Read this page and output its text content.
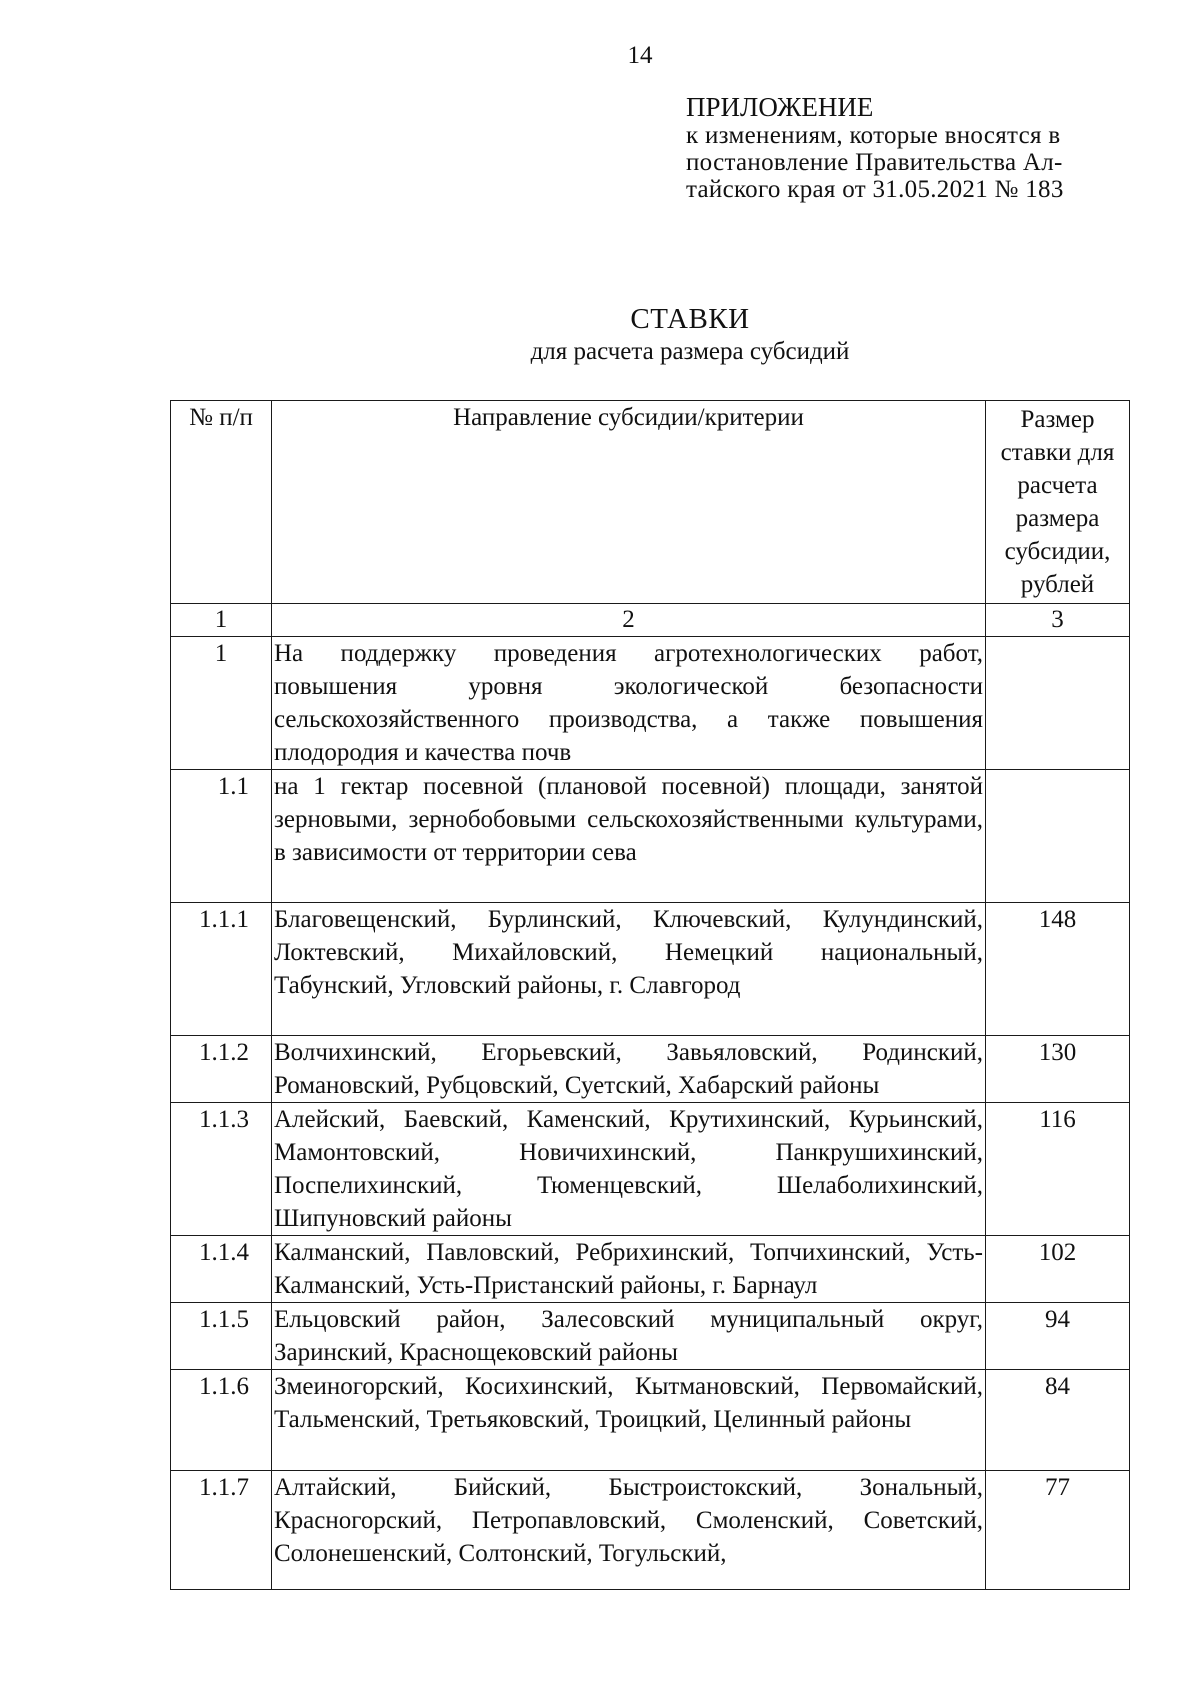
14
ПРИЛОЖЕНИЕ
к изменениям, которые вносятся в
постановление Правительства Ал-
тайского края от 31.05.2021 № 183
СТАВКИ
для расчета размера субсидий
№ п/п	Направление субсидии/критерии	Размер ставки для расчета размера субсидии, рублей
1	2	3
1	На поддержку проведения агротехнологических работ, повышения уровня экологической безопасности сельскохозяйственного производства, а также повышения плодородия и качества почв	
1.1	на 1 гектар посевной (плановой посевной) площади, занятой зерновыми, зернобобовыми сельскохозяйственными культурами, в зависимости от территории сева	
1.1.1	Благовещенский, Бурлинский, Ключевский, Кулундинский, Локтевский, Михайловский, Немецкий национальный, Табунский, Угловский районы, г. Славгород	148
1.1.2	Волчихинский, Егорьевский, Завьяловский, Родинский, Романовский, Рубцовский, Суетский, Хабарский районы	130
1.1.3	Алейский, Баевский, Каменский, Крутихинский, Курьинский, Мамонтовский, Новичихинский, Панкрушихинский, Поспелихинский, Тюменцевский, Шелаболихинский, Шипуновский районы	116
1.1.4	Калманский, Павловский, Ребрихинский, Топчихинский, Усть-Калманский, Усть-Пристанский районы, г. Барнаул	102
1.1.5	Ельцовский район, Залесовский муниципальный округ, Заринский, Краснощековский районы	94
1.1.6	Змеиногорский, Косихинский, Кытмановский, Первомайский, Тальменский, Третьяковский, Троицкий, Целинный районы	84
1.1.7	Алтайский, Бийский, Быстроистокский, Зональный, Красногорский, Петропавловский, Смоленский, Советский, Солонешенский, Солтонский, Тогульский,	77
